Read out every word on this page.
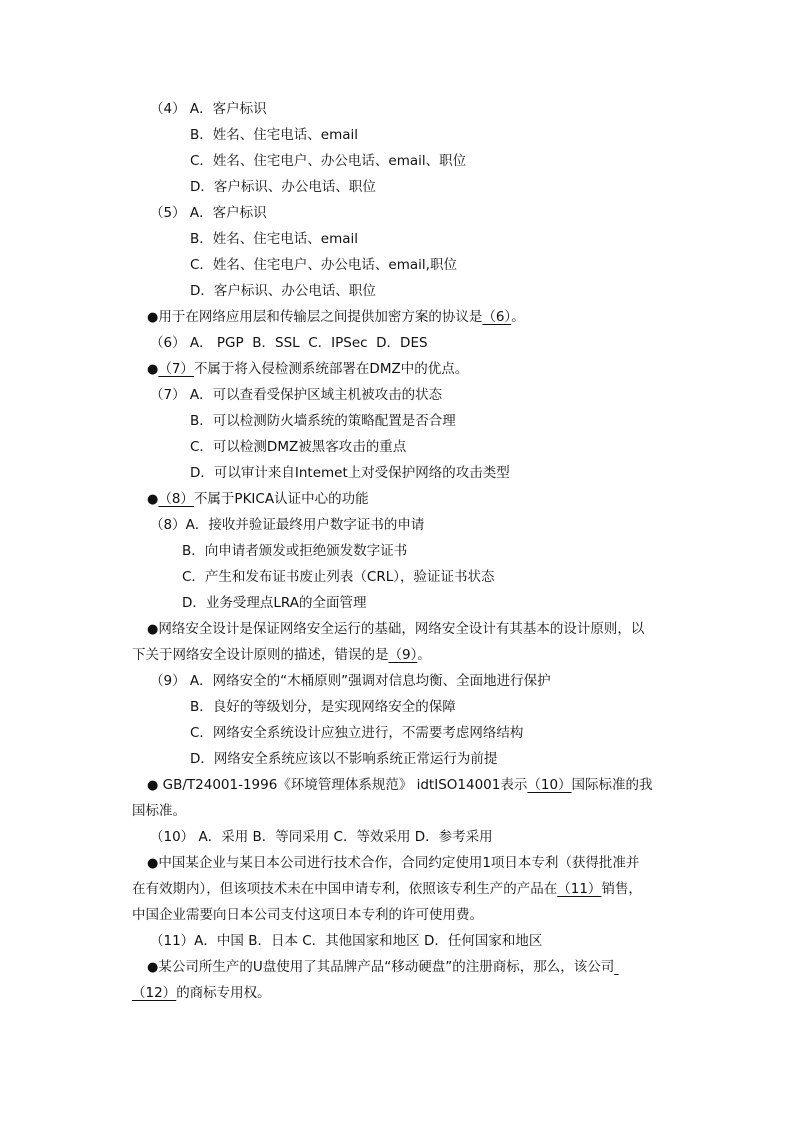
（4） A．客户标识
B．姓名、住宅电话、email
C．姓名、住宅电户、办公电话、email、职位
D．客户标识、办公电话、职位
（5） A．客户标识
B．姓名、住宅电话、email
C．姓名、住宅电户、办公电话、email,职位
D．客户标识、办公电话、职位
●用于在网络应用层和传输层之间提供加密方案的协议是（6）。
（6） A． PGP  B．SSL  C．IPSec  D．DES
●（7）不属于将入侵检测系统部署在DMZ中的优点。
（7） A．可以查看受保护区域主机被攻击的状态
B．可以检测防火墙系统的策略配置是否合理
C．可以检测DMZ被黑客攻击的重点
D．可以审计来自Intemet上对受保护网络的攻击类型
●（8）不属于PKICA认证中心的功能
（8）A．接收并验证最终用户数字证书的申请
B．向申请者颁发或拒绝颁发数字证书
C．产生和发布证书废止列表（CRL），验证证书状态
D．业务受理点LRA的全面管理
●网络安全设计是保证网络安全运行的基础，网络安全设计有其基本的设计原则，以
下关于网络安全设计原则的描述，错误的是（9）。
（9） A．网络安全的“木桶原则”强调对信息均衡、全面地进行保护
B．良好的等级划分，是实现网络安全的保障
C．网络安全系统设计应独立进行，不需要考虑网络结构
D．网络安全系统应该以不影响系统正常运行为前提
● GB/T24001-1996《环境管理体系规范》 idtISO14001表示（10）国际标准的我
国标准。
（10） A．采用 B．等同采用 C．等效采用 D．参考采用
●中国某企业与某日本公司进行技术合作，合同约定使用1项日本专利（获得批准并
在有效期内），但该项技术未在中国申请专利，依照该专利生产的产品在（11）销售，
中国企业需要向日本公司支付这项日本专利的许可使用费。
（11）A．中国 B．日本 C．其他国家和地区 D．任何国家和地区
●某公司所生产的U盘使用了其品牌产品“移动硬盘”的注册商标，那么，该公司
（12）的商标专用权。
